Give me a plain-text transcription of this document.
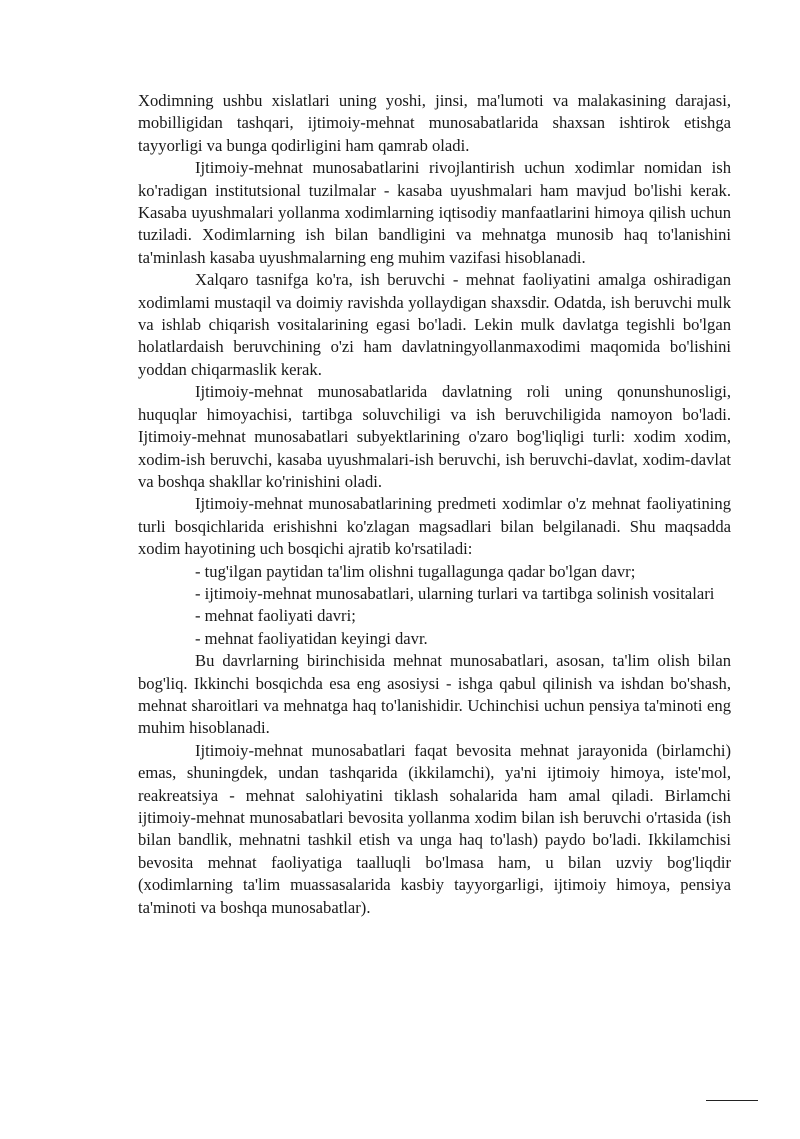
Xodimning ushbu xislatlari uning yoshi, jinsi, ma'lumoti va malakasining darajasi, mobilligidan tashqari, ijtimoiy-mehnat munosabatlarida shaxsan ishtirok etishga tayyorligi va bunga qodirligini ham qamrab oladi.

Ijtimoiy-mehnat munosabatlarini rivojlantirish uchun xodimlar nomidan ish ko'radigan institutsional tuzilmalar - kasaba uyushmalari ham mavjud bo'lishi kerak. Kasaba uyushmalari yollanma xodimlarning iqtisodiy manfaatlarini himoya qilish uchun tuziladi. Xodimlarning ish bilan bandligini va mehnatga munosib haq to'lanishini ta'minlash kasaba uyushmalarning eng muhim vazifasi hisoblanadi.

Xalqaro tasnifga ko'ra, ish beruvchi - mehnat faoliyatini amalga oshiradigan xodimlami mustaqil va doimiy ravishda yollaydigan shaxsdir. Odatda, ish beruvchi mulk va ishlab chiqarish vositalarining egasi bo'ladi. Lekin mulk davlatga tegishli bo'lgan holatlardaish beruvchining o'zi ham davlatningyollanmaxodimi maqomida bo'lishini yoddan chiqarmaslik kerak.

Ijtimoiy-mehnat munosabatlarida davlatning roli uning qonunshunosligi, huquqlar himoyachisi, tartibga soluvchiligi va ish beruvchiligida namoyon bo'ladi. Ijtimoiy-mehnat munosabatlari subyektlarining o'zaro bog'liqligi turli: xodim xodim, xodim-ish beruvchi, kasaba uyushmalari-ish beruvchi, ish beruvchi-davlat, xodim-davlat va boshqa shakllar ko'rinishini oladi.

Ijtimoiy-mehnat munosabatlarining predmeti xodimlar o'z mehnat faoliyatining turli bosqichlarida erishishni ko'zlagan magsadlari bilan belgilanadi. Shu maqsadda xodim hayotining uch bosqichi ajratib ko'rsatiladi:

- tug'ilgan paytidan ta'lim olishni tugallagunga qadar bo'lgan davr;

- ijtimoiy-mehnat munosabatlari, ularning turlari va tartibga solinish vositalari

- mehnat faoliyati davri;

- mehnat faoliyatidan keyingi davr.

Bu davrlarning birinchisida mehnat munosabatlari, asosan, ta'lim olish bilan bog'liq. Ikkinchi bosqichda esa eng asosiysi - ishga qabul qilinish va ishdan bo'shash, mehnat sharoitlari va mehnatga haq to'lanishidir. Uchinchisi uchun pensiya ta'minoti eng muhim hisoblanadi.

Ijtimoiy-mehnat munosabatlari faqat bevosita mehnat jarayonida (birlamchi) emas, shuningdek, undan tashqarida (ikkilamchi), ya'ni ijtimoiy himoya, iste'mol, reakreatsiya - mehnat salohiyatini tiklash sohalarida ham amal qiladi. Birlamchi ijtimoiy-mehnat munosabatlari bevosita yollanma xodim bilan ish beruvchi o'rtasida (ish bilan bandlik, mehnatni tashkil etish va unga haq to'lash) paydo bo'ladi. Ikkilamchisi bevosita mehnat faoliyatiga taalluqli bo'lmasa ham, u bilan uzviy bog'liqdir (xodimlarning ta'lim muassasalarida kasbiy tayyorgarligi, ijtimoiy himoya, pensiya ta'minoti va boshqa munosabatlar).
